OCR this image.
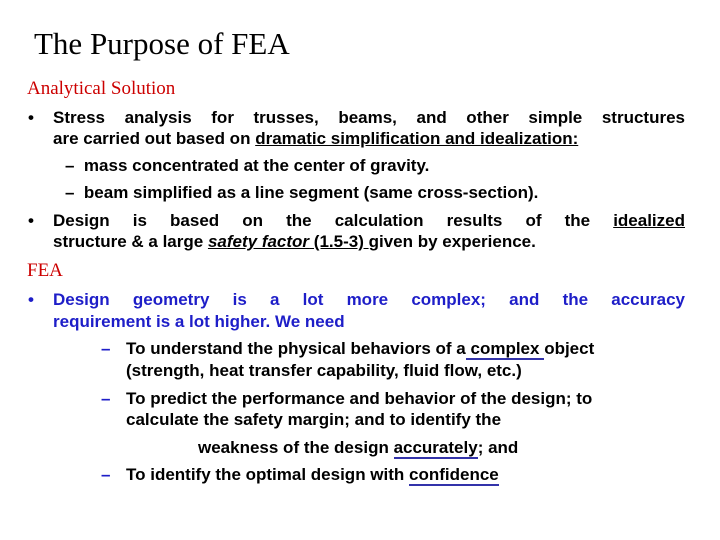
The Purpose of FEA
Analytical Solution
• Stress analysis for trusses, beams, and other simple structures
are carried out based on dramatic simplification and idealization:
– mass concentrated at the center of gravity.
– beam simplified as a line segment (same cross-section).
• Design is based on the calculation results of the idealized
structure & a large safety factor (1.5-3) given by experience.
FEA
• Design geometry is a lot more complex; and the accuracy
requirement is a lot higher. We need
– To understand the physical behaviors of a complex object
(strength, heat transfer capability, fluid flow, etc.)
– To predict the performance and behavior of the design; to
calculate the safety margin; and to identify the
weakness of the design accurately; and
– To identify the optimal design with confidence
